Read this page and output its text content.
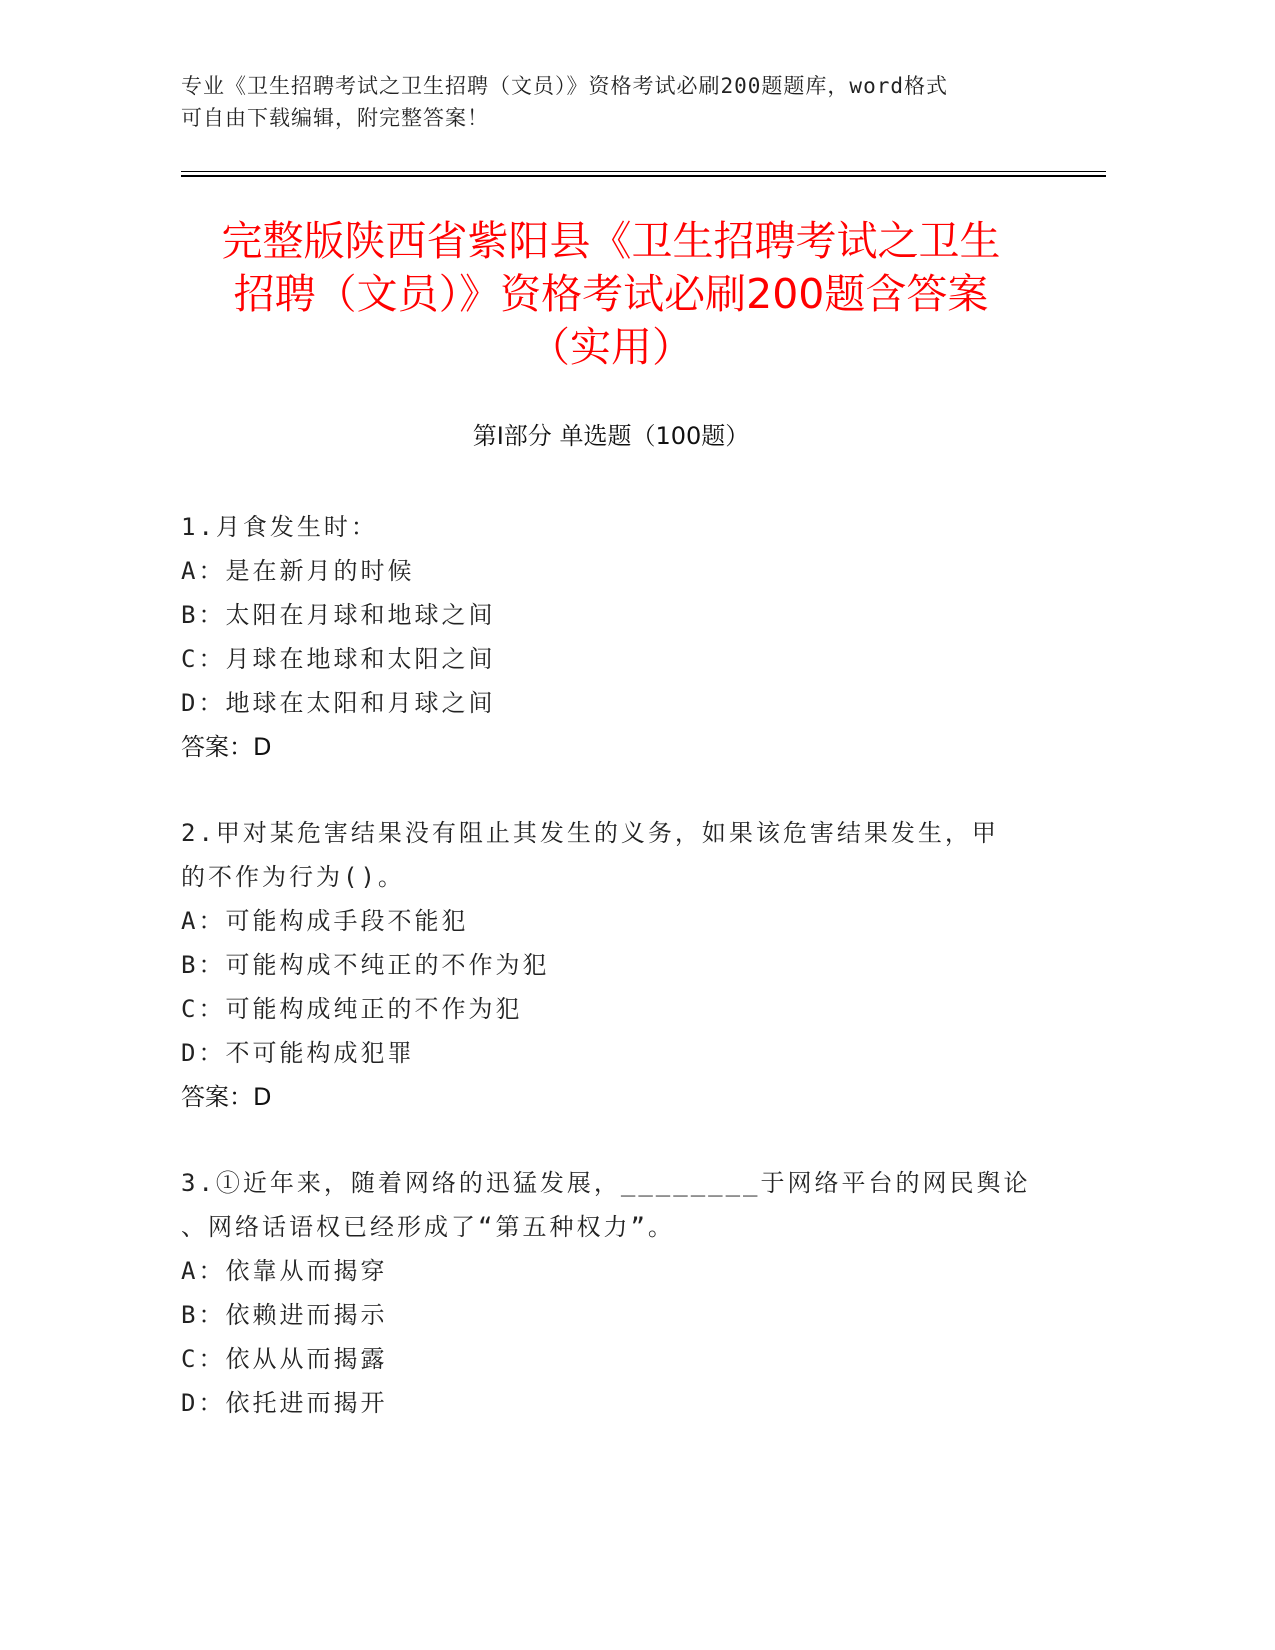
专业《卫生招聘考试之卫生招聘（文员）》资格考试必刷200题题库，word格式
可自由下载编辑，附完整答案！
完整版陕西省紫阳县《卫生招聘考试之卫生
招聘（文员）》资格考试必刷200题含答案
（实用）
第Ⅰ部分 单选题（100题）
1.月食发生时：
A：是在新月的时候
B：太阳在月球和地球之间
C：月球在地球和太阳之间
D：地球在太阳和月球之间
答案：D
2.甲对某危害结果没有阻止其发生的义务，如果该危害结果发生，甲
的不作为行为()。
A：可能构成手段不能犯
B：可能构成不纯正的不作为犯
C：可能构成纯正的不作为犯
D：不可能构成犯罪
答案：D
3.①近年来，随着网络的迅猛发展，________于网络平台的网民舆论
、网络话语权已经形成了“第五种权力”。
A：依靠从而揭穿
B：依赖进而揭示
C：依从从而揭露
D：依托进而揭开
